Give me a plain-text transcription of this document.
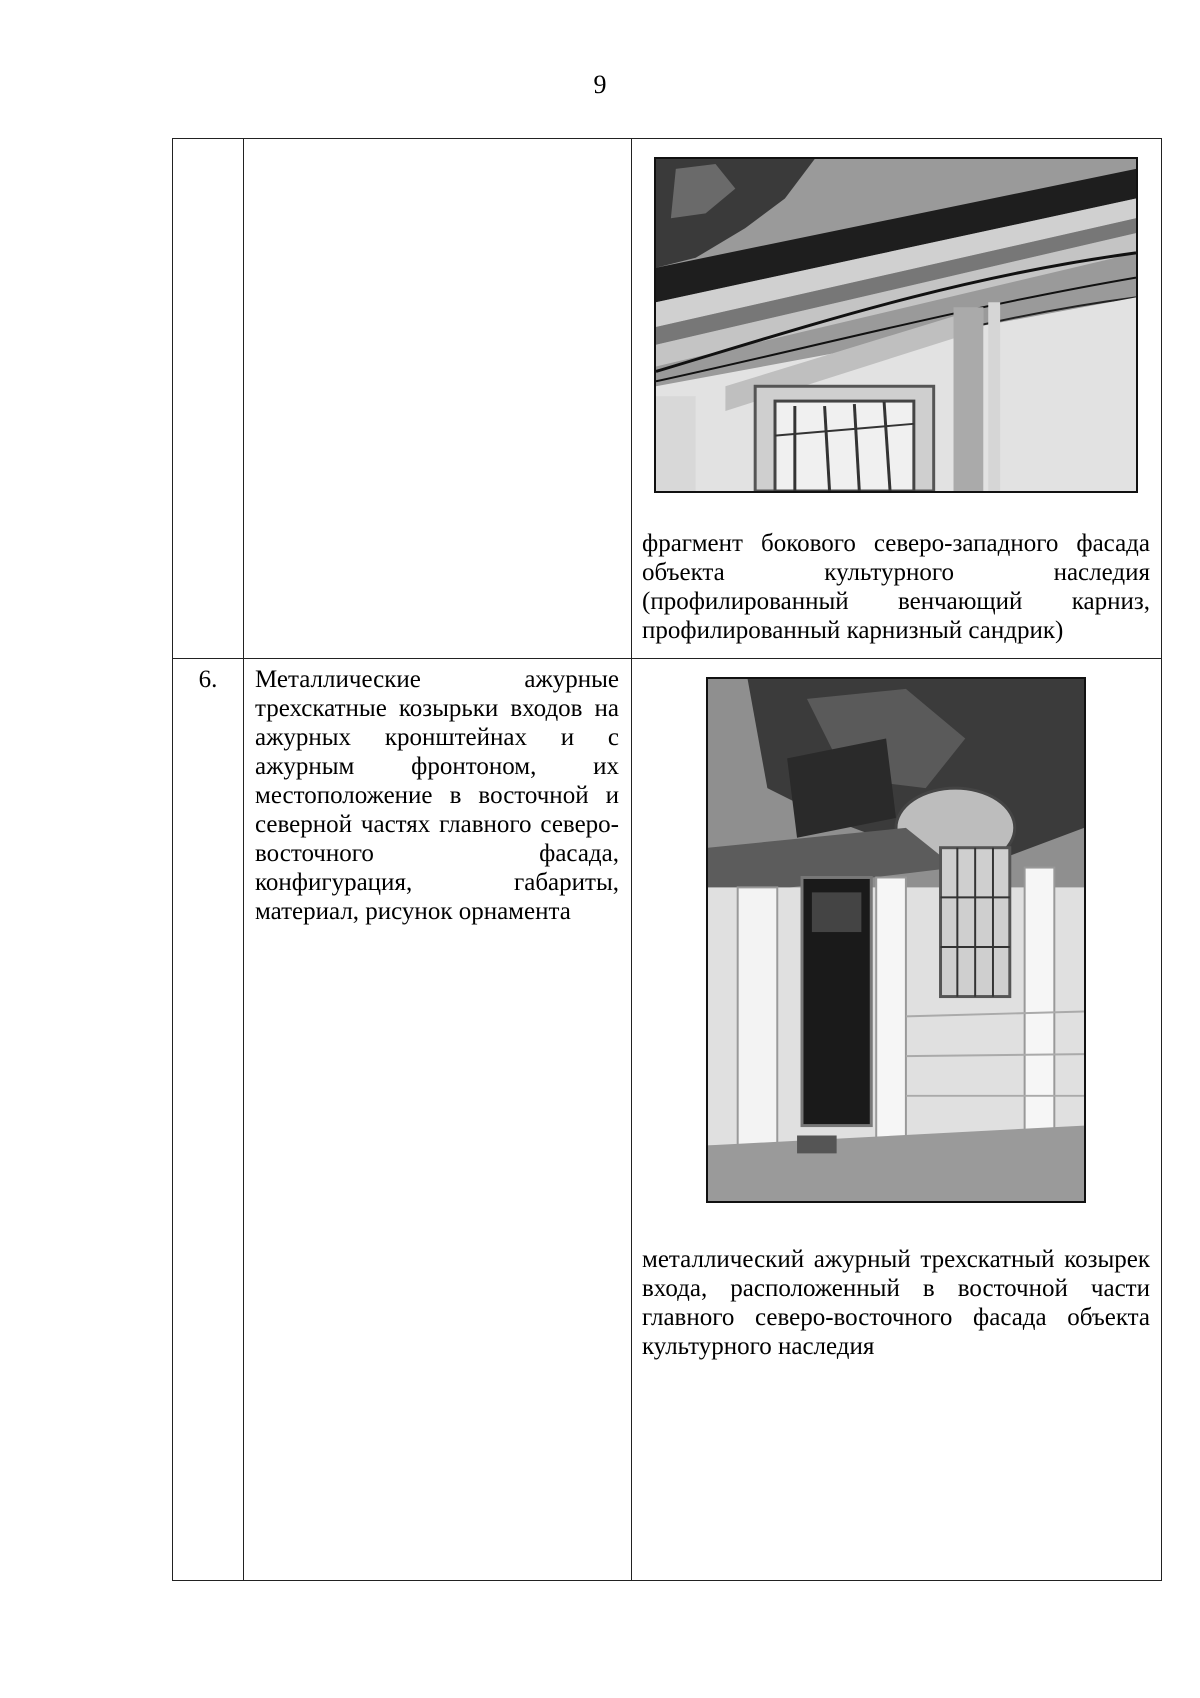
9
фрагмент бокового северо-западного фасада объекта культурного наследия (профилированный венчающий карниз, профилированный карнизный сандрик)
6.	Металлические ажурные трехскатные козырьки входов на ажурных кронштейнах и с ажурным фронтоном, их местоположение в восточной и северной частях главного северо-восточного фасада, конфигурация, габариты, материал, рисунок орнамента
металлический ажурный трехскатный козырек входа, расположенный в восточной части главного северо-восточного фасада объекта культурного наследия
